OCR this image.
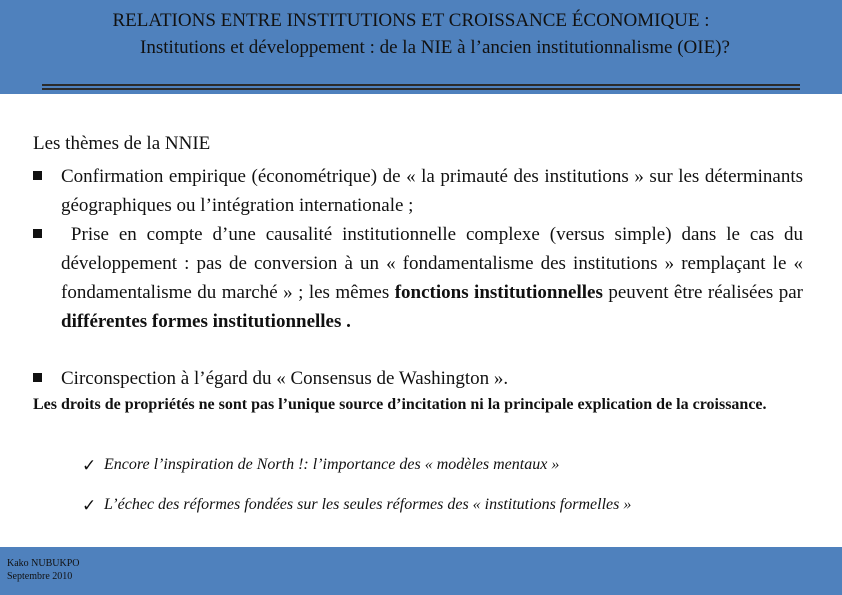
RELATIONS ENTRE INSTITUTIONS ET CROISSANCE ÉCONOMIQUE :
Institutions et développement : de la NIE à l’ancien institutionnalisme (OIE)?
Les thèmes de la NNIE
Confirmation empirique (économétrique) de « la primauté des institutions » sur les déterminants géographiques ou l’intégration internationale ;
Prise en compte d’une causalité institutionnelle complexe (versus simple) dans le cas du développement : pas de conversion à un « fondamentalisme des institutions » remplaçant le « fondamentalisme du marché » ; les mêmes fonctions institutionnelles peuvent être réalisées par différentes formes institutionnelles .
Circonspection à l’égard du « Consensus de Washington ».
Les droits de propriétés ne sont pas l’unique source d’incitation ni la principale explication de la croissance.
✓ Encore l’inspiration de North !: l’importance des « modèles mentaux »
✓ L’échec des réformes fondées sur les seules réformes des « institutions formelles »
Kako NUBUKPO
Septembre 2010
